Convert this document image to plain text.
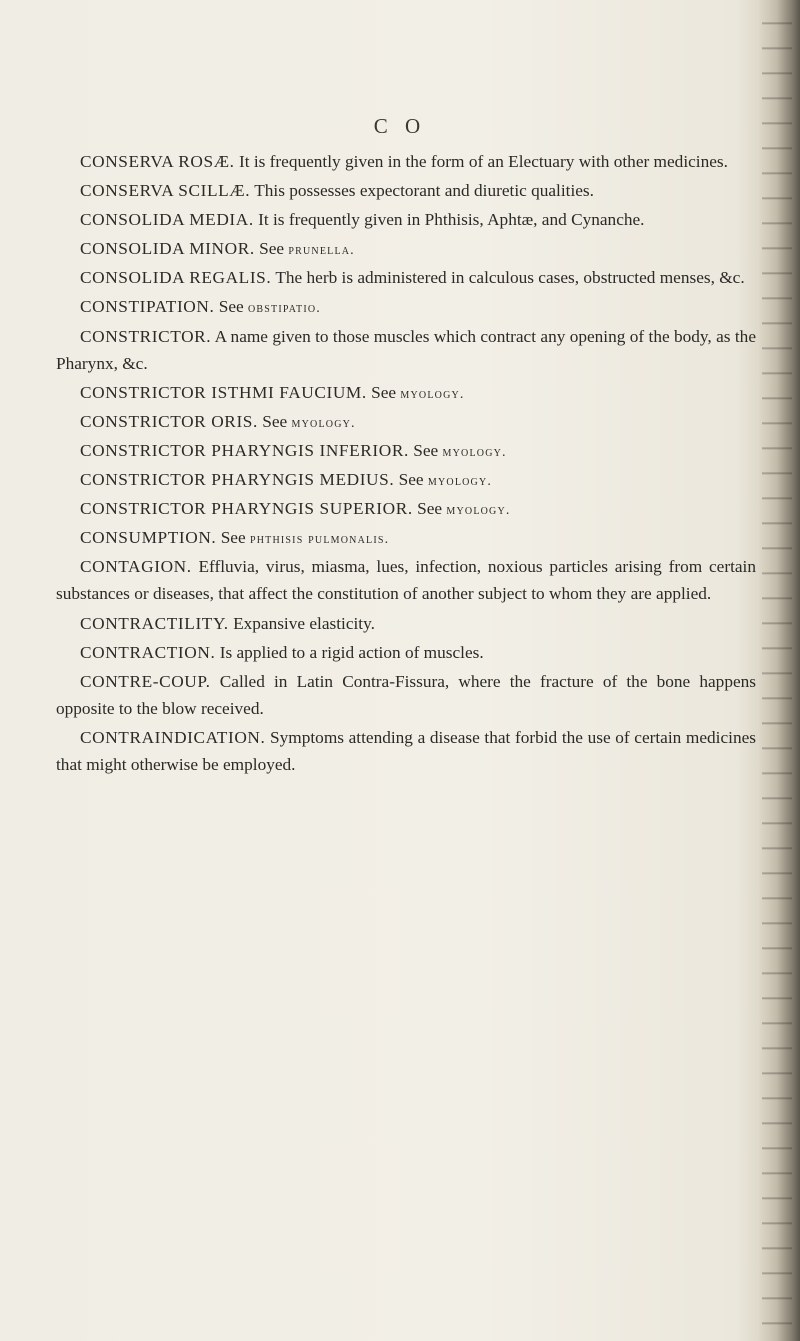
C O

CONSERVA ROSÆ. It is frequently given in the form of an Electuary with other medicines.

CONSERVA SCILLÆ. This possesses expectorant and diuretic qualities.

CONSOLIDA MEDIA. It is frequently given in Phthisis, Aphtæ, and Cynanche.

CONSOLIDA MINOR. See prunella.

CONSOLIDA REGALIS. The herb is administered in calculous cases, obstructed menses, &c.

CONSTIPATION. See obstipatio.

CONSTRICTOR. A name given to those muscles which contract any opening of the body, as the Pharynx, &c.

CONSTRICTOR ISTHMI FAUCIUM. See myology.

CONSTRICTOR ORIS. See myology.

CONSTRICTOR PHARYNGIS INFERIOR. See myology.

CONSTRICTOR PHARYNGIS MEDIUS. See myology.

CONSTRICTOR PHARYNGIS SUPERIOR. See myology.

CONSUMPTION. See phthisis pulmonalis.

CONTAGION. Effluvia, virus, miasma, lues, infection, noxious particles arising from certain substances or diseases, that affect the constitution of another subject to whom they are applied.

CONTRACTILITY. Expansive elasticity.

CONTRACTION. Is applied to a rigid action of muscles.

CONTRE-COUP. Called in Latin Contra-Fissura, where the fracture of the bone happens opposite to the blow received.

CONTRAINDICATION. Symptoms attending a disease that forbid the use of certain medicines that might otherwise be employed.
